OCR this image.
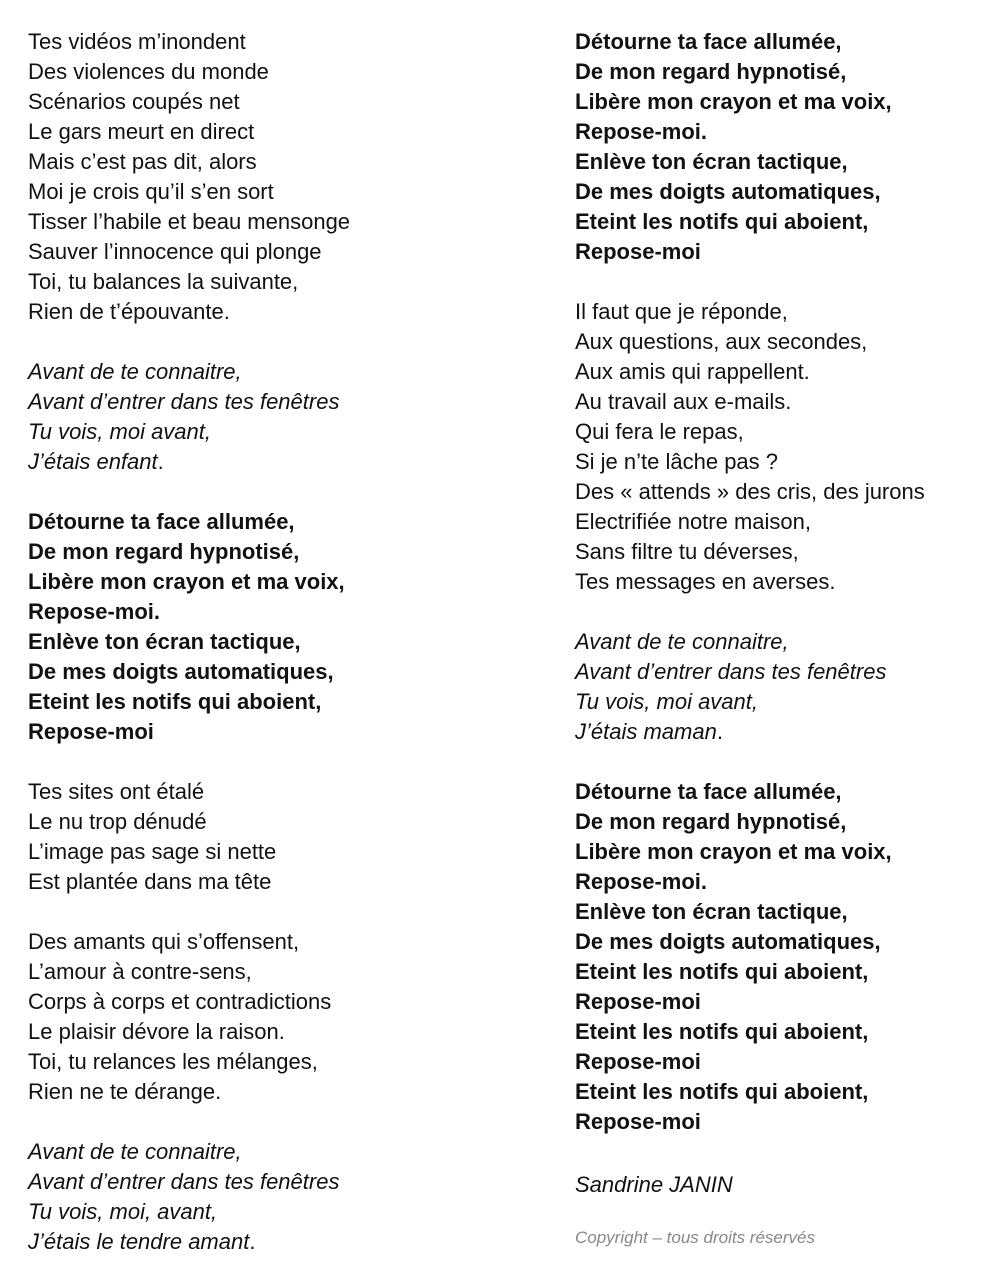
Tes vidéos m’inondent
Des violences du monde
Scénarios coupés net
Le gars meurt en direct
Mais c’est pas dit, alors
Moi je crois qu’il s’en sort
Tisser l’habile et beau mensonge
Sauver l’innocence qui plonge
Toi, tu balances la suivante,
Rien de t’épouvante.
Avant de te connaitre,
Avant d’entrer dans tes fenêtres
Tu vois, moi avant,
J’étais enfant.
Détourne ta face allumée,
De mon regard hypnotisé,
Libère mon crayon et ma voix,
Repose-moi.
Enlève ton écran tactique,
De mes doigts automatiques,
Eteint les notifs qui aboient,
Repose-moi
Tes sites ont étalé
Le nu trop dénudé
L’image pas sage si nette
Est plantée dans ma tête
Des amants qui s’offensent,
L’amour à contre-sens,
Corps à corps et contradictions
Le plaisir dévore la raison.
Toi, tu relances les mélanges,
Rien ne te dérange.
Avant de te connaitre,
Avant d’entrer dans tes fenêtres
Tu vois, moi, avant,
J’étais le tendre amant.
Détourne ta face allumée,
De mon regard hypnotisé,
Libère mon crayon et ma voix,
Repose-moi.
Enlève ton écran tactique,
De mes doigts automatiques,
Eteint les notifs qui aboient,
Repose-moi
Il faut que je réponde,
Aux questions, aux secondes,
Aux amis qui rappellent.
Au travail aux e-mails.
Qui fera le repas,
Si je n’te lâche pas ?
Des « attends » des cris, des jurons
Electrifiée notre maison,
Sans filtre tu déverses,
Tes messages en averses.
Avant de te connaitre,
Avant d’entrer dans tes fenêtres
Tu vois, moi avant,
J’étais maman.
Détourne ta face allumée,
De mon regard hypnotisé,
Libère mon crayon et ma voix,
Repose-moi.
Enlève ton écran tactique,
De mes doigts automatiques,
Eteint les notifs qui aboient,
Repose-moi
Eteint les notifs qui aboient,
Repose-moi
Eteint les notifs qui aboient,
Repose-moi
Sandrine JANIN
Copyright – tous droits réservés
